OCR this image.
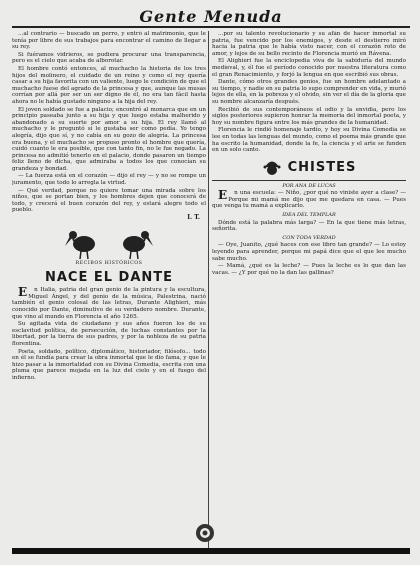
Gente Menuda

...al contrario — buscado un perro, y entró al matrimonio, que le tenía por libre de sus trabajos para encontrar el camino de llegar a su rey.

Si fuéramos vidrieros, se pudiera procurar una transparencia, pero es el cielo que acaba de alborotar.

El hombre contó entonces, al muchacho la historia de los tres hijos del molinero, el cuidado de un reino y como el rey quería casar a su hija favorita con un valiente, luego le condición de que el muchacho fuese del agrado de la princesa y que, aunque las musas corrían por allá por ser un ser digno de él, no era tan fácil hasta ahora no le había gustado ninguno a la hija del rey.

El joven soldado se fue a palacio; encontró al monarca que en un principio paseaba junto a su hija y que luego estaba malherido y abandonado a su suerte por amor a su hija. El rey llamó al muchacho y le preguntó si le gustaba ser como pedía. Yo tengo alegría, dijo que sí, y no cabía en su gozo de alegría. La princesa era buena, y el muchacho se propuso pronto el hombre que quería, cuidó cuanto le era posible, que con tanto fin, no le fue negado. La princesa no admitió tenerlo en el palacio, donde pasaron un tiempo feliz lleno de dicha, que admiraba a todos los que conocían su grandeza y bondad.

— La fuerza está en el corazón — dijo el rey — y no se rompe un juramento, que todo lo arregla la virtud.

— Qué verdad, porque no quiere tomar una mirada sobre los niños, que se portan bien, y los hombres dejen que conocerá de todo, y crecerá el buen corazón del rey, y estará alegre todo el pueblo.

I. T.
RECIBOS HISTÓRICOS
NACE EL DANTE

En Italia, patria del gran genio de la pintura y la escultura, Miguel Ángel, y del genio de la música, Palestrina, nació también el genio colosal de las letras, Durante Alighieri, más conocido por Dante, diminutivo de su verdadero nombre. Durante, que vino al mundo en Florencia el año 1265.

Su agitada vida de ciudadano y sus años fueron los de su esclavitud política, de persecución, de luchas constantes por la libertad, por la tierra de sus padres, y por la nobleza de su patria florentina.

Poeta, soldado, político, diplomático, historiador, filósofo... todo en él se fundía para crear la obra inmortal que le dio fama, y que le hizo pasar a la inmortalidad con su Divina Comedia, escrita con una pluma que parece mojada en la luz del cielo y en el fuego del infierno.

...por su talento revolucionario y su afán de hacer inmortal su patria, fue vencido por los enemigos, y desde el destierro miró hacia la patria que le había visto nacer, con el corazón roto de amor, y lejos de su bello recinto de Florencia murió en Rávena.

El Alighieri fue la enciclopedia viva de la sabiduría del mundo medieval, y, él fue el período conocido por nuestra literatura como el gran Renacimiento, y forjó la lengua en que escribió sus obras.

Dante, cómo otros grandes genios, fue un hombre adelantado a su tiempo, y nadie en su patria lo supo comprender en vida, y murió lejos de ella, en la pobreza y el olvido, sin ver el día de la gloria que su nombre alcanzaría después.

Recibió de sus contemporáneos el odio y la envidia, pero los siglos posteriores supieron honrar la memoria del inmortal poeta, y hoy su nombre figura entre los más grandes de la humanidad.

Florencia le rindió homenaje tardío, y hoy su Divina Comedia se lee en todas las lenguas del mundo, como el poema más grande que ha escrito la humanidad, donde la fe, la ciencia y el arte se funden en un solo canto.

CHISTES
POR ANA DE LUCAS

En una escuela: — Niño, ¿por qué no viniste ayer a clase? — Porque mi mamá me dijo que me quedara en casa. — Pues que venga tu mamá a explicarlo.

IDEA DEL TEMPLAR

Dónde está la palabra más larga? — En la que tiene más letras, señorita.

CON TODA VERDAD

— Oye, Juanito, ¿qué haces con ese libro tan grande? — Lo estoy leyendo para aprender, porque mi papá dice que el que lee mucho sabe mucho.

— Mamá, ¿qué es la leche? — Pues la leche es lo que dan las vacas. — ¿Y por qué no la dan las gallinas?
